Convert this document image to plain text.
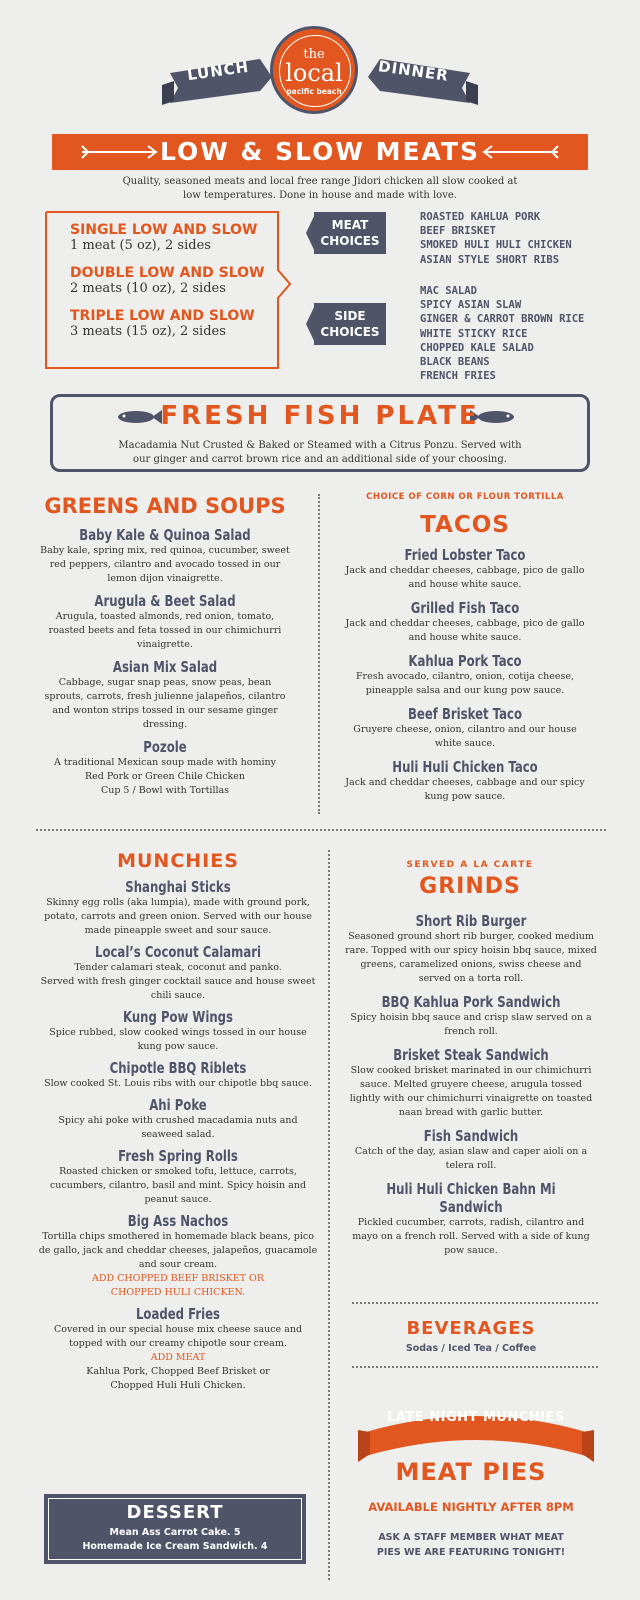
LUNCH	DINNER
the
local
pacific beach
LOW & SLOW MEATS
Quality, seasoned meats and local free range Jidori chicken all slow cooked at
low temperatures. Done in house and made with love.
SINGLE LOW AND SLOW
1 meat (5 oz), 2 sides
DOUBLE LOW AND SLOW
2 meats (10 oz), 2 sides
TRIPLE LOW AND SLOW
3 meats (15 oz), 2 sides
MEAT
CHOICES
ROASTED KAHLUA PORK
BEEF BRISKET
SMOKED HULI HULI CHICKEN
ASIAN STYLE SHORT RIBS
SIDE
CHOICES
MAC SALAD
SPICY ASIAN SLAW
GINGER & CARROT BROWN RICE
WHITE STICKY RICE
CHOPPED KALE SALAD
BLACK BEANS
FRENCH FRIES
FRESH FISH PLATE
Macadamia Nut Crusted & Baked or Steamed with a Citrus Ponzu. Served with
our ginger and carrot brown rice and an additional side of your choosing.
GREENS AND SOUPS
Baby Kale & Quinoa Salad

Baby kale, spring mix, red quinoa, cucumber, sweet

red peppers, cilantro and avocado tossed in our

lemon dijon vinaigrette.

Arugula & Beet Salad

Arugula, toasted almonds, red onion, tomato,

roasted beets and feta tossed in our chimichurri

vinaigrette.

Asian Mix Salad

Cabbage, sugar snap peas, snow peas, bean

sprouts, carrots, fresh julienne jalapeños, cilantro

and wonton strips tossed in our sesame ginger

dressing.

Pozole

A traditional Mexican soup made with hominy

Red Pork or Green Chile Chicken

Cup 5 / Bowl with Tortillas

CHOICE OF CORN OR FLOUR TORTILLA
TACOS
Fried Lobster Taco

Jack and cheddar cheeses, cabbage, pico de gallo

and house white sauce.

Grilled Fish Taco

Jack and cheddar cheeses, cabbage, pico de gallo

and house white sauce.

Kahlua Pork Taco

Fresh avocado, cilantro, onion, cotija cheese,

pineapple salsa and our kung pow sauce.

Beef Brisket Taco

Gruyere cheese, onion, cilantro and our house

white sauce.

Huli Huli Chicken Taco

Jack and cheddar cheeses, cabbage and our spicy

kung pow sauce.

MUNCHIES
Shanghai Sticks

Skinny egg rolls (aka lumpia), made with ground pork,

potato, carrots and green onion. Served with our house

made pineapple sweet and sour sauce.

Local’s Coconut Calamari

Tender calamari steak, coconut and panko.

Served with fresh ginger cocktail sauce and house sweet

chili sauce.

Kung Pow Wings

Spice rubbed, slow cooked wings tossed in our house

kung pow sauce.

Chipotle BBQ Riblets

Slow cooked St. Louis ribs with our chipotle bbq sauce.

Ahi Poke

Spicy ahi poke with crushed macadamia nuts and

seaweed salad.

Fresh Spring Rolls

Roasted chicken or smoked tofu, lettuce, carrots,

cucumbers, cilantro, basil and mint. Spicy hoisin and

peanut sauce.

Big Ass Nachos

Tortilla chips smothered in homemade black beans, pico

de gallo, jack and cheddar cheeses, jalapeños, guacamole

and sour cream.

ADD CHOPPED BEEF BRISKET OR

CHOPPED HULI CHICKEN.

Loaded Fries

Covered in our special house mix cheese sauce and

topped with our creamy chipotle sour cream.

ADD MEAT

Kahlua Pork, Chopped Beef Brisket or

Chopped Huli Huli Chicken.

DESSERT
Mean Ass Carrot Cake. 5
Homemade Ice Cream Sandwich. 4
SERVED A LA CARTE
GRINDS
Short Rib Burger

Seasoned ground short rib burger, cooked medium

rare. Topped with our spicy hoisin bbq sauce, mixed

greens, caramelized onions, swiss cheese and

served on a torta roll.

BBQ Kahlua Pork Sandwich

Spicy hoisin bbq sauce and crisp slaw served on a

french roll.

Brisket Steak Sandwich

Slow cooked brisket marinated in our chimichurri

sauce. Melted gruyere cheese, arugula tossed

lightly with our chimichurri vinaigrette on toasted

naan bread with garlic butter.

Fish Sandwich

Catch of the day, asian slaw and caper aioli on a

telera roll.

Huli Huli Chicken Bahn Mi Sandwich

Pickled cucumber, carrots, radish, cilantro and

mayo on a french roll. Served with a side of kung

pow sauce.

BEVERAGES
Sodas / Iced Tea / Coffee
LATE NIGHT MUNCHIES
MEAT PIES
AVAILABLE NIGHTLY AFTER 8PM
ASK A STAFF MEMBER WHAT MEAT
PIES WE ARE FEATURING TONIGHT!
